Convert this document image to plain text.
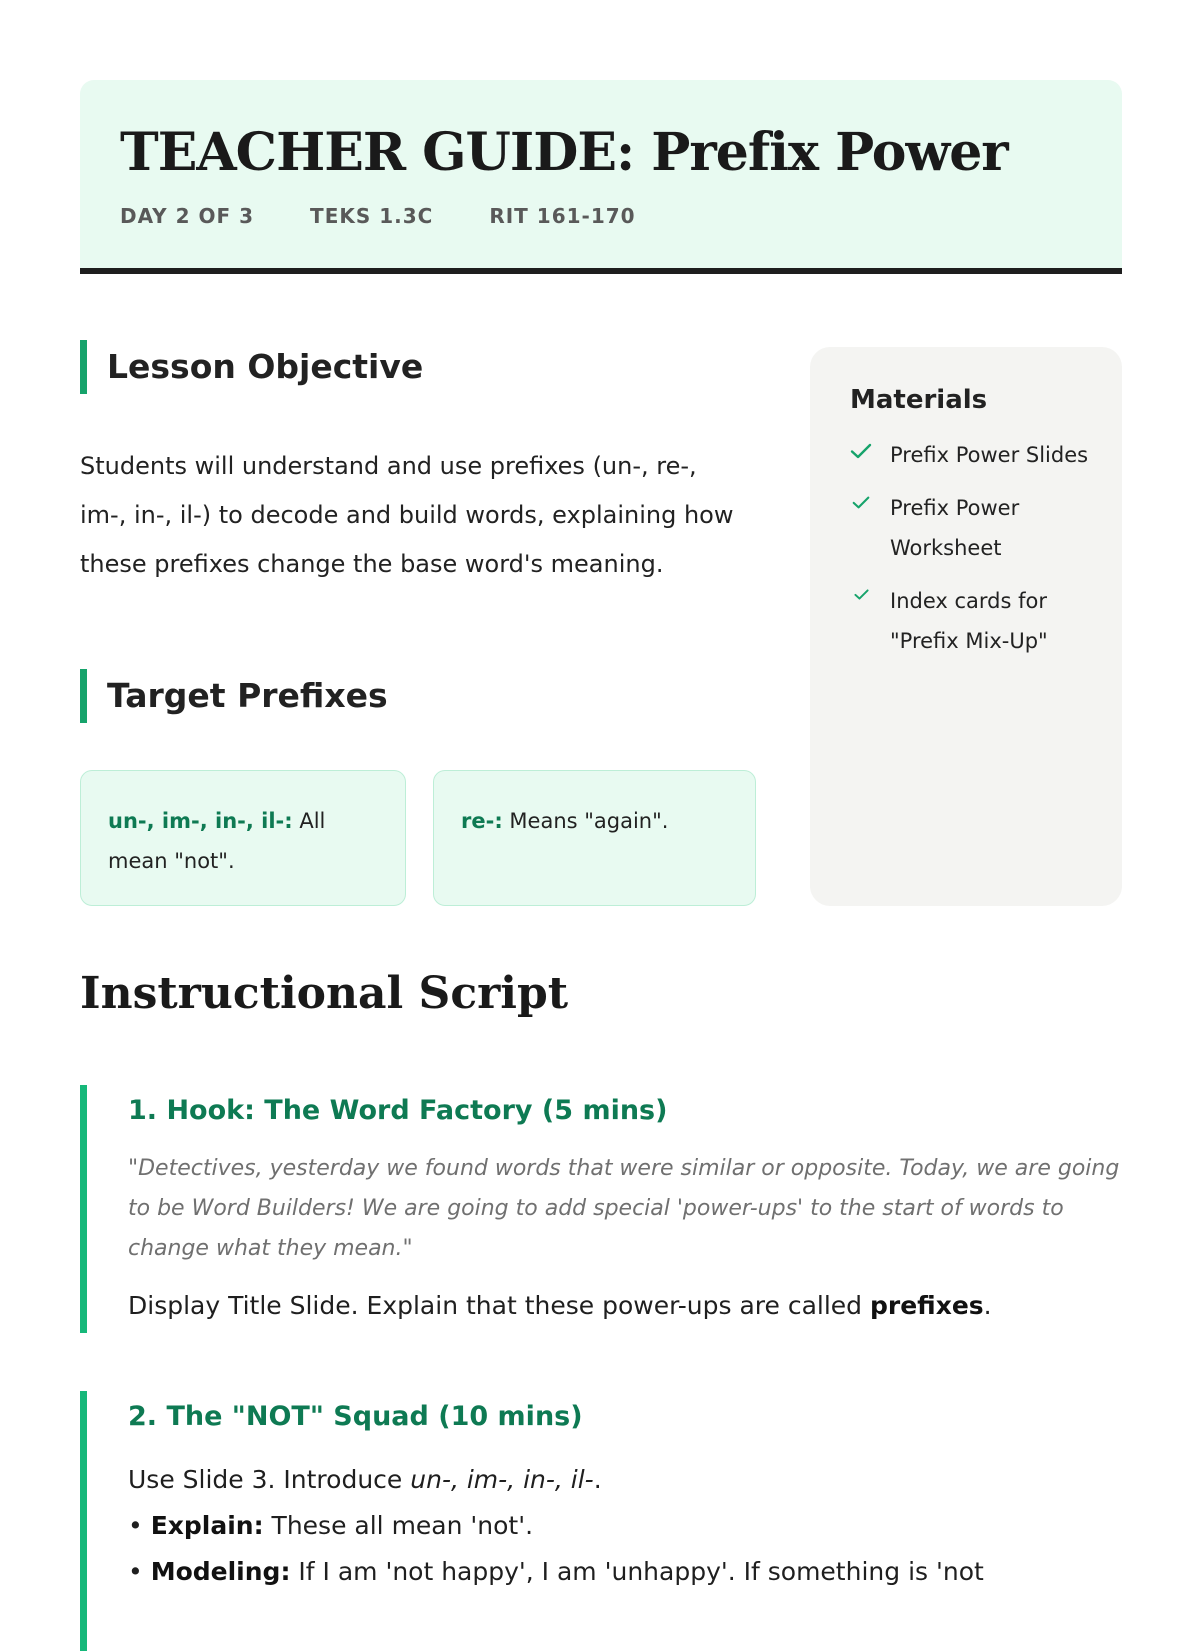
TEACHER GUIDE: Prefix Power
DAY 2 OF 3	TEKS 1.3C	RIT 161-170
Lesson Objective

Students will understand and use prefixes (un-, re-, im-, in-, il-) to decode and build words, explaining how these prefixes change the base word's meaning.

Target Prefixes
un-, im-, in-, il-: All mean "not".
re-: Means "again".
Materials
Prefix Power Slides
Prefix Power Worksheet
Index cards for "Prefix Mix-Up"
Instructional Script
1. Hook: The Word Factory (5 mins)

"Detectives, yesterday we found words that were similar or opposite. Today, we are going to be Word Builders! We are going to add special 'power-ups' to the start of words to change what they mean."

Display Title Slide. Explain that these power-ups are called prefixes.

2. The "NOT" Squad (10 mins)

Use Slide 3. Introduce un-, im-, in-, il-.

• Explain: These all mean 'not'.

• Modeling: If I am 'not happy', I am 'unhappy'. If something is 'not
